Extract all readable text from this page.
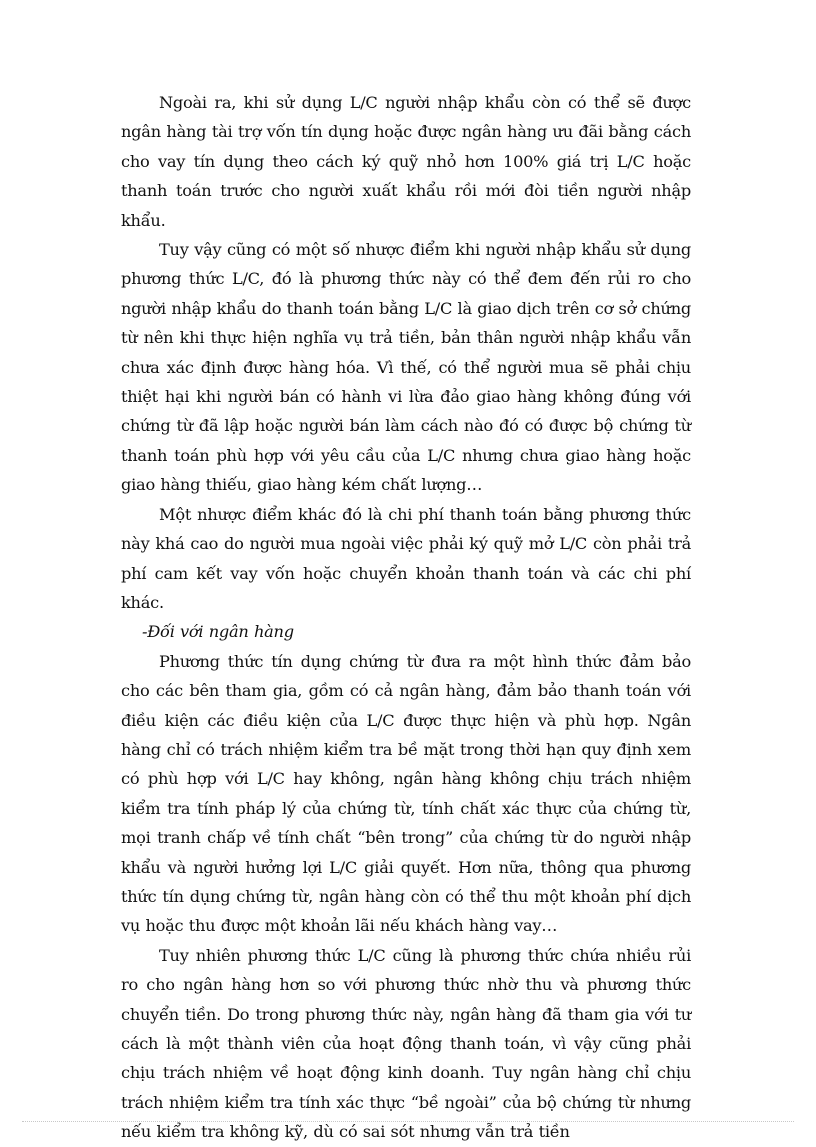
Ngoài ra, khi sử dụng L/C người nhập khẩu còn có thể sẽ được ngân hàng tài trợ vốn tín dụng hoặc được ngân hàng ưu đãi bằng cách cho vay tín dụng theo cách ký quỹ nhỏ hơn 100% giá trị L/C hoặc thanh toán trước cho người xuất khẩu rồi mới đòi tiền người nhập khẩu.

Tuy vậy cũng có một số nhược điểm khi người nhập khẩu sử dụng phương thức L/C, đó là phương thức này có thể đem đến rủi ro cho người nhập khẩu do thanh toán bằng L/C là giao dịch trên cơ sở chứng từ nên khi thực hiện nghĩa vụ trả tiền, bản thân người nhập khẩu vẫn chưa xác định được hàng hóa. Vì thế, có thể người mua sẽ phải chịu thiệt hại khi người bán có hành vi lừa đảo giao hàng không đúng với chứng từ đã lập hoặc người bán làm cách nào đó có được bộ chứng từ thanh toán phù hợp với yêu cầu của L/C nhưng chưa giao hàng hoặc giao hàng thiếu, giao hàng kém chất lượng…

Một nhược điểm khác đó là chi phí thanh toán bằng phương thức này khá cao do người mua ngoài việc phải ký quỹ mở L/C còn phải trả phí cam kết vay vốn hoặc chuyển khoản thanh toán và các chi phí khác.

-Đối với ngân hàng

Phương thức tín dụng chứng từ đưa ra một hình thức đảm bảo cho các bên tham gia, gồm có cả ngân hàng, đảm bảo thanh toán với điều kiện các điều kiện của L/C được thực hiện và phù hợp. Ngân hàng chỉ có trách nhiệm kiểm tra bề mặt trong thời hạn quy định xem có phù hợp với L/C hay không, ngân hàng không chịu trách nhiệm kiểm tra tính pháp lý của chứng từ, tính chất xác thực của chứng từ, mọi tranh chấp về tính chất “bên trong” của chứng từ do người nhập khẩu và người hưởng lợi L/C giải quyết. Hơn nữa, thông qua phương thức tín dụng chứng từ, ngân hàng còn có thể thu một khoản phí dịch vụ hoặc thu được một khoản lãi nếu khách hàng vay…

Tuy nhiên phương thức L/C cũng là phương thức chứa nhiều rủi ro cho ngân hàng hơn so với phương thức nhờ thu và phương thức chuyển tiền. Do trong phương thức này, ngân hàng đã tham gia với tư cách là một thành viên của hoạt động thanh toán, vì vậy cũng phải chịu trách nhiệm về hoạt động kinh doanh. Tuy ngân hàng chỉ chịu trách nhiệm kiểm tra tính xác thực “bề ngoài” của bộ chứng từ nhưng nếu kiểm tra không kỹ, dù có sai sót nhưng vẫn trả tiền
